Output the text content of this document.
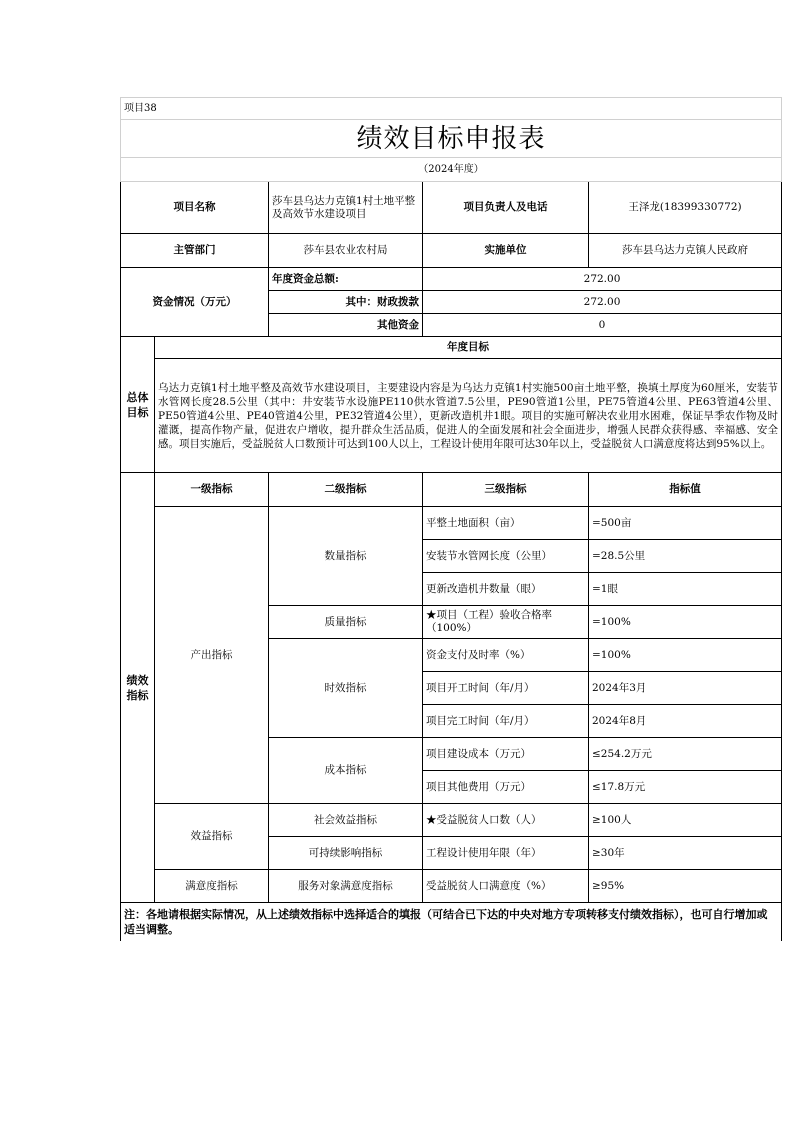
项目38				
绩效目标申报表				
（2024年度）				
项目名称		莎车县乌达力克镇1村土地平整及高效节水建设项目	项目负责人及电话	王泽龙(18399330772)
主管部门		莎车县农业农村局	实施单位	莎车县乌达力克镇人民政府
资金情况（万元）		年度资金总额:	272.00	
		其中：财政拨款	272.00	
		其他资金	0	
总体目标	年度目标			
	乌达力克镇1村土地平整及高效节水建设项目，主要建设内容是为乌达力克镇1村实施500亩土地平整，换填土厚度为60厘米，安装节水管网长度28.5公里（其中：井安装节水设施PE110供水管道7.5公里，PE90管道1公里，PE75管道4公里、PE63管道4公里、PE50管道4公里、PE40管道4公里，PE32管道4公里），更新改造机井1眼。项目的实施可解决农业用水困难，保证旱季农作物及时灌溉，提高作物产量，促进农户增收，提升群众生活品质，促进人的全面发展和社会全面进步，增强人民群众获得感、幸福感、安全感。项目实施后，受益脱贫人口数预计可达到100人以上，工程设计使用年限可达30年以上，受益脱贫人口满意度将达到95%以上。			
绩效指标	一级指标	二级指标	三级指标	指标值
	产出指标	数量指标	平整土地面积（亩）	=500亩
			安装节水管网长度（公里）	=28.5公里
			更新改造机井数量（眼）	=1眼
		质量指标	★项目（工程）验收合格率（100%）	=100%
		时效指标	资金支付及时率（%）	=100%
			项目开工时间（年/月）	2024年3月
			项目完工时间（年/月）	2024年8月
		成本指标	项目建设成本（万元）	≤254.2万元
			项目其他费用（万元）	≤17.8万元
	效益指标	社会效益指标	★受益脱贫人口数（人）	≥100人
		可持续影响指标	工程设计使用年限（年）	≥30年
	满意度指标	服务对象满意度指标	受益脱贫人口满意度（%）	≥95%
注：各地请根据实际情况，从上述绩效指标中选择适合的填报（可结合已下达的中央对地方专项转移支付绩效指标），也可自行增加或适当调整。				
